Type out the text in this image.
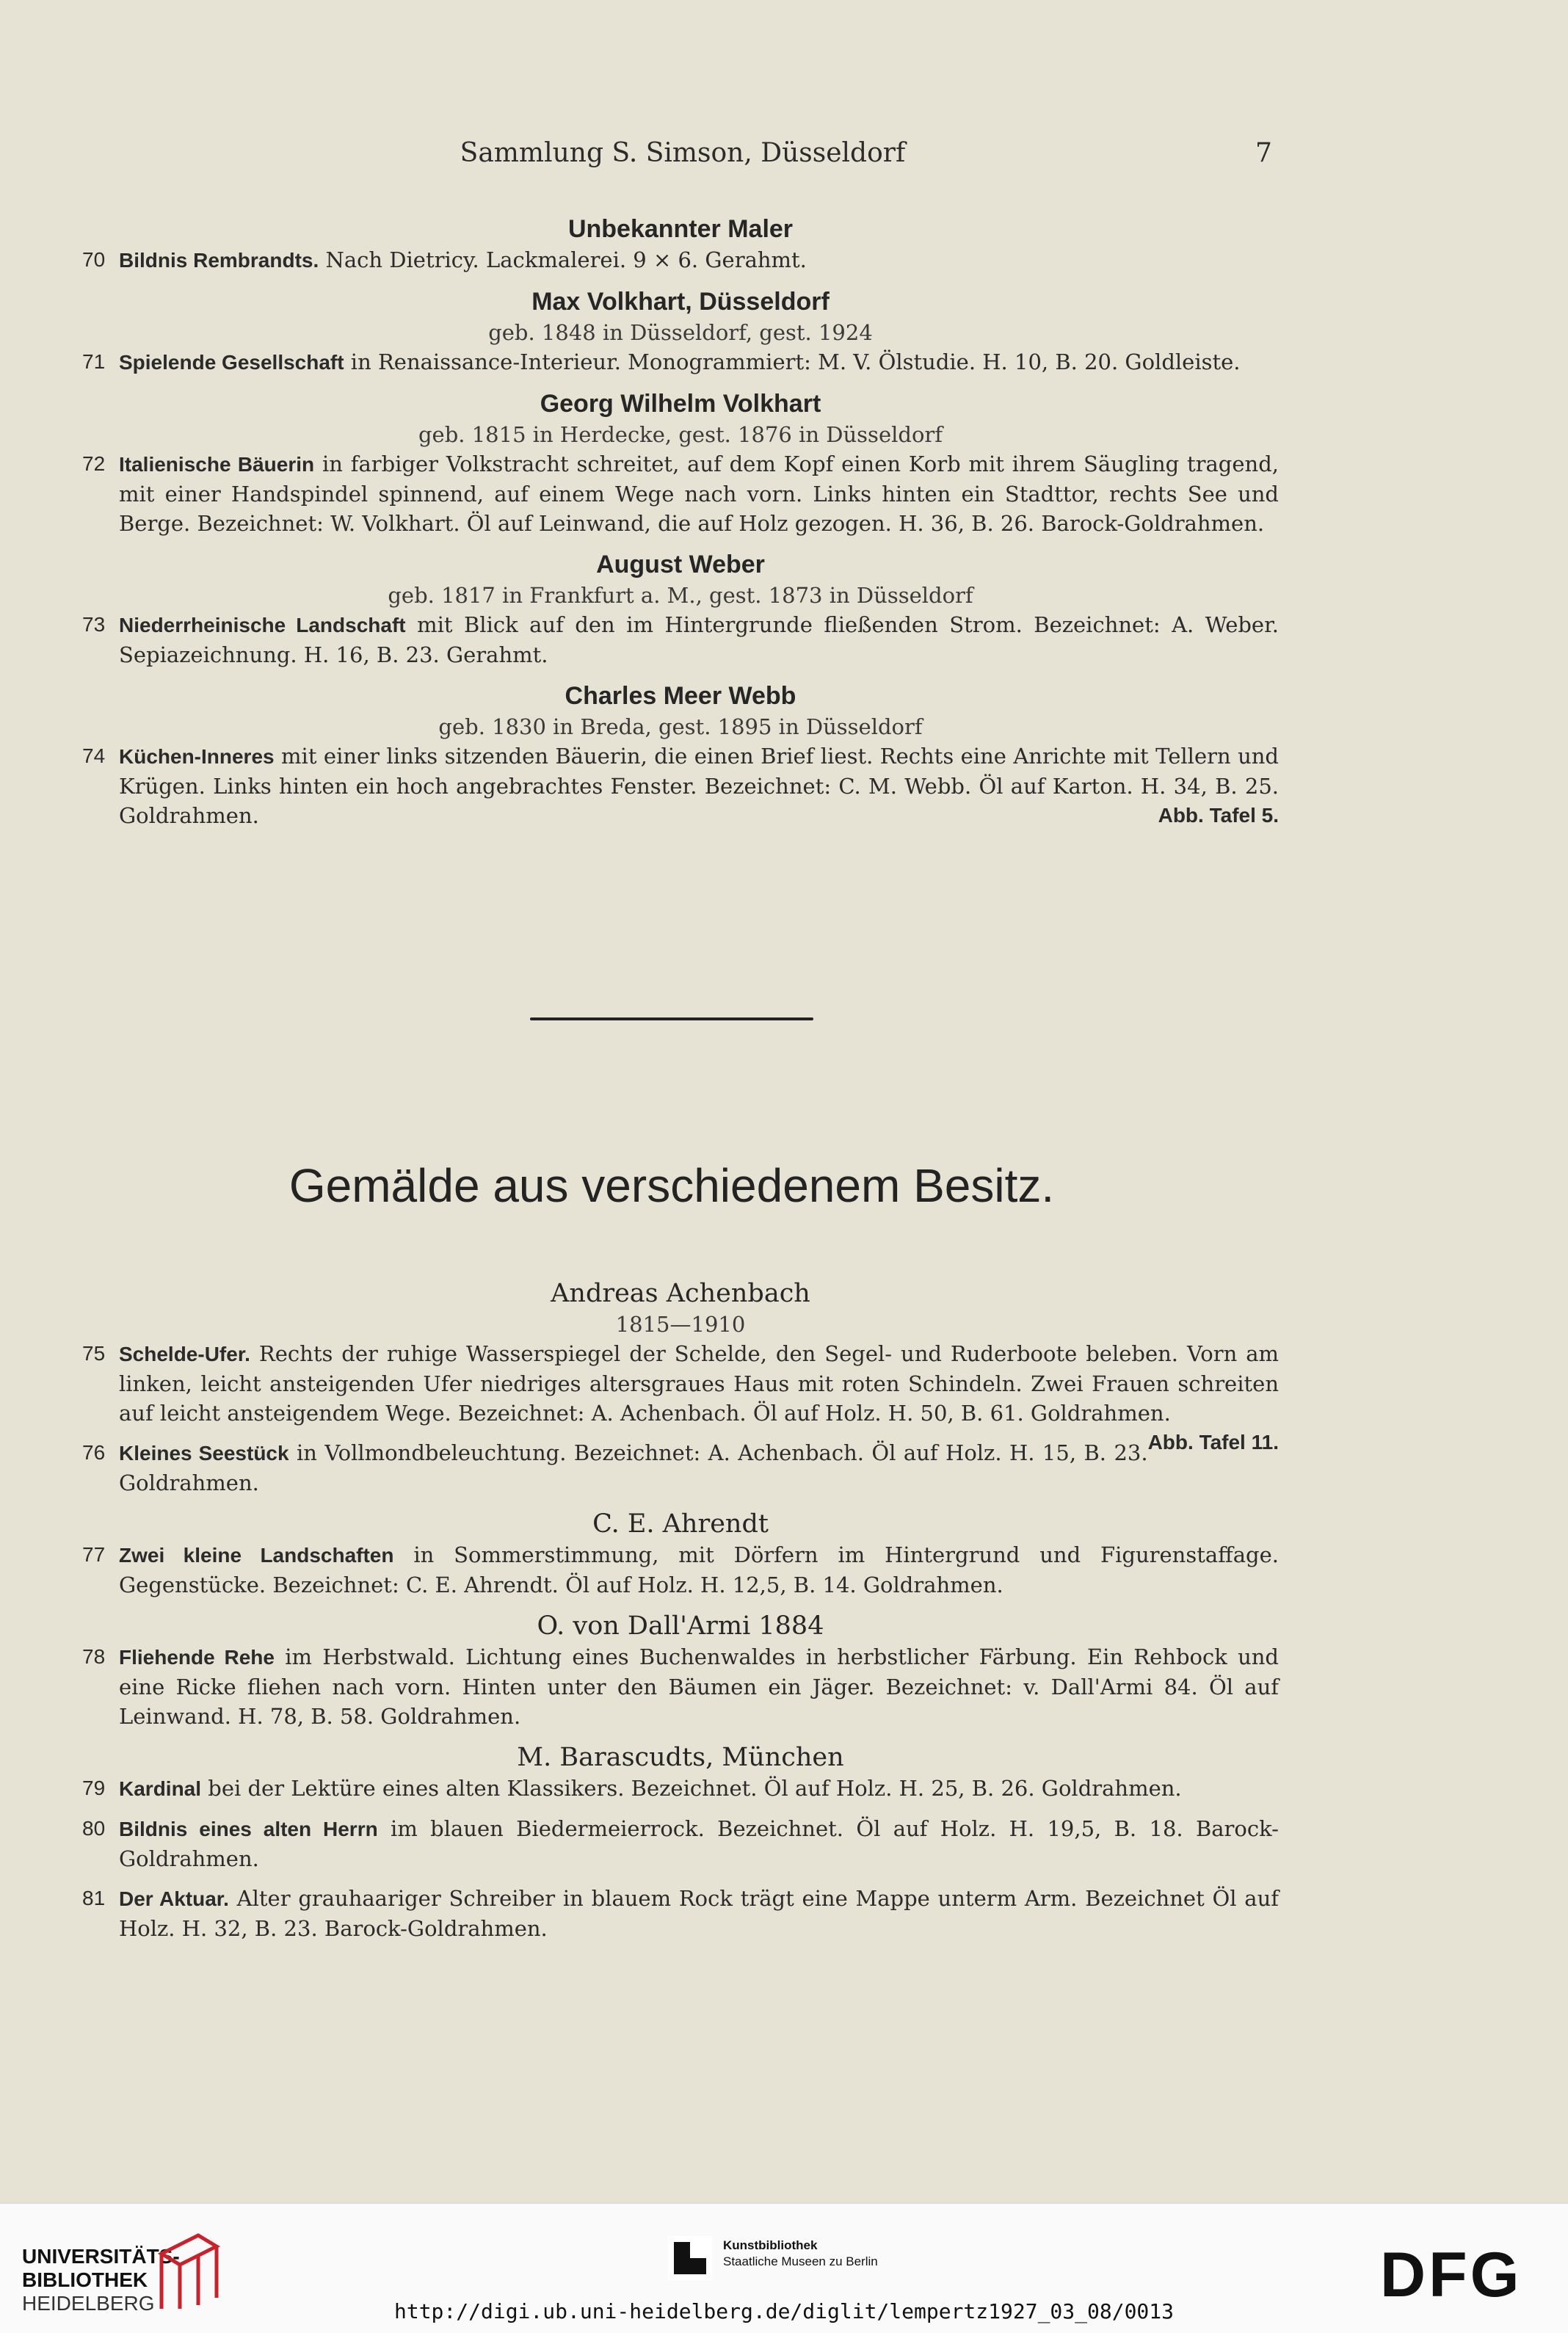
Sammlung S. Simson, Düsseldorf	7

Unbekannter Maler

70 Bildnis Rembrandts. Nach Dietricy. Lackmalerei. 9 × 6. Gerahmt.

Max Volkhart, Düsseldorf

geb. 1848 in Düsseldorf, gest. 1924

71 Spielende Gesellschaft in Renaissance-Interieur. Monogrammiert: M. V. Ölstudie. H. 10, B. 20. Goldleiste.

Georg Wilhelm Volkhart

geb. 1815 in Herdecke, gest. 1876 in Düsseldorf

72 Italienische Bäuerin in farbiger Volkstracht schreitet, auf dem Kopf einen Korb mit ihrem Säugling tragend, mit einer Handspindel spinnend, auf einem Wege nach vorn. Links hinten ein Stadttor, rechts See und Berge. Bezeichnet: W. Volkhart. Öl auf Leinwand, die auf Holz gezogen. H. 36, B. 26. Barock-Goldrahmen.

August Weber

geb. 1817 in Frankfurt a. M., gest. 1873 in Düsseldorf

73 Niederrheinische Landschaft mit Blick auf den im Hintergrunde fließenden Strom. Bezeichnet: A. Weber. Sepiazeichnung. H. 16, B. 23. Gerahmt.

Charles Meer Webb

geb. 1830 in Breda, gest. 1895 in Düsseldorf

74 Küchen-Inneres mit einer links sitzenden Bäuerin, die einen Brief liest. Rechts eine Anrichte mit Tellern und Krügen. Links hinten ein hoch angebrachtes Fenster. Bezeichnet: C. M. Webb. Öl auf Karton. H. 34, B. 25. Goldrahmen.	Abb. Tafel 5.

Gemälde aus verschiedenem Besitz.

Andreas Achenbach

1815—1910

75 Schelde-Ufer. Rechts der ruhige Wasserspiegel der Schelde, den Segel- und Ruderboote beleben. Vorn am linken, leicht ansteigenden Ufer niedriges altersgraues Haus mit roten Schindeln. Zwei Frauen schreiten auf leicht ansteigendem Wege. Bezeichnet: A. Achenbach. Öl auf Holz. H. 50, B. 61. Goldrahmen.
Abb. Tafel 11.

76 Kleines Seestück in Vollmondbeleuchtung. Bezeichnet: A. Achenbach. Öl auf Holz. H. 15, B. 23. Goldrahmen.

C. E. Ahrendt

77 Zwei kleine Landschaften in Sommerstimmung, mit Dörfern im Hintergrund und Figurenstaffage. Gegenstücke. Bezeichnet: C. E. Ahrendt. Öl auf Holz. H. 12,5, B. 14. Goldrahmen.

O. von Dall'Armi 1884

78 Fliehende Rehe im Herbstwald. Lichtung eines Buchenwaldes in herbstlicher Färbung. Ein Rehbock und eine Ricke fliehen nach vorn. Hinten unter den Bäumen ein Jäger. Bezeichnet: v. Dall'Armi 84. Öl auf Leinwand. H. 78, B. 58. Goldrahmen.

M. Barascudts, München

79 Kardinal bei der Lektüre eines alten Klassikers. Bezeichnet. Öl auf Holz. H. 25, B. 26. Goldrahmen.

80 Bildnis eines alten Herrn im blauen Biedermeierrock. Bezeichnet. Öl auf Holz. H. 19,5, B. 18. Barock-Goldrahmen.

81 Der Aktuar. Alter grauhaariger Schreiber in blauem Rock trägt eine Mappe unterm Arm. Bezeichnet Öl auf Holz. H. 32, B. 23. Barock-Goldrahmen.

UNIVERSITÄTS-
BIBLIOTHEK
HEIDELBERG
Kunstbibliothek
Staatliche Museen zu Berlin	DFG
http://digi.ub.uni-heidelberg.de/diglit/lempertz1927_03_08/0013
